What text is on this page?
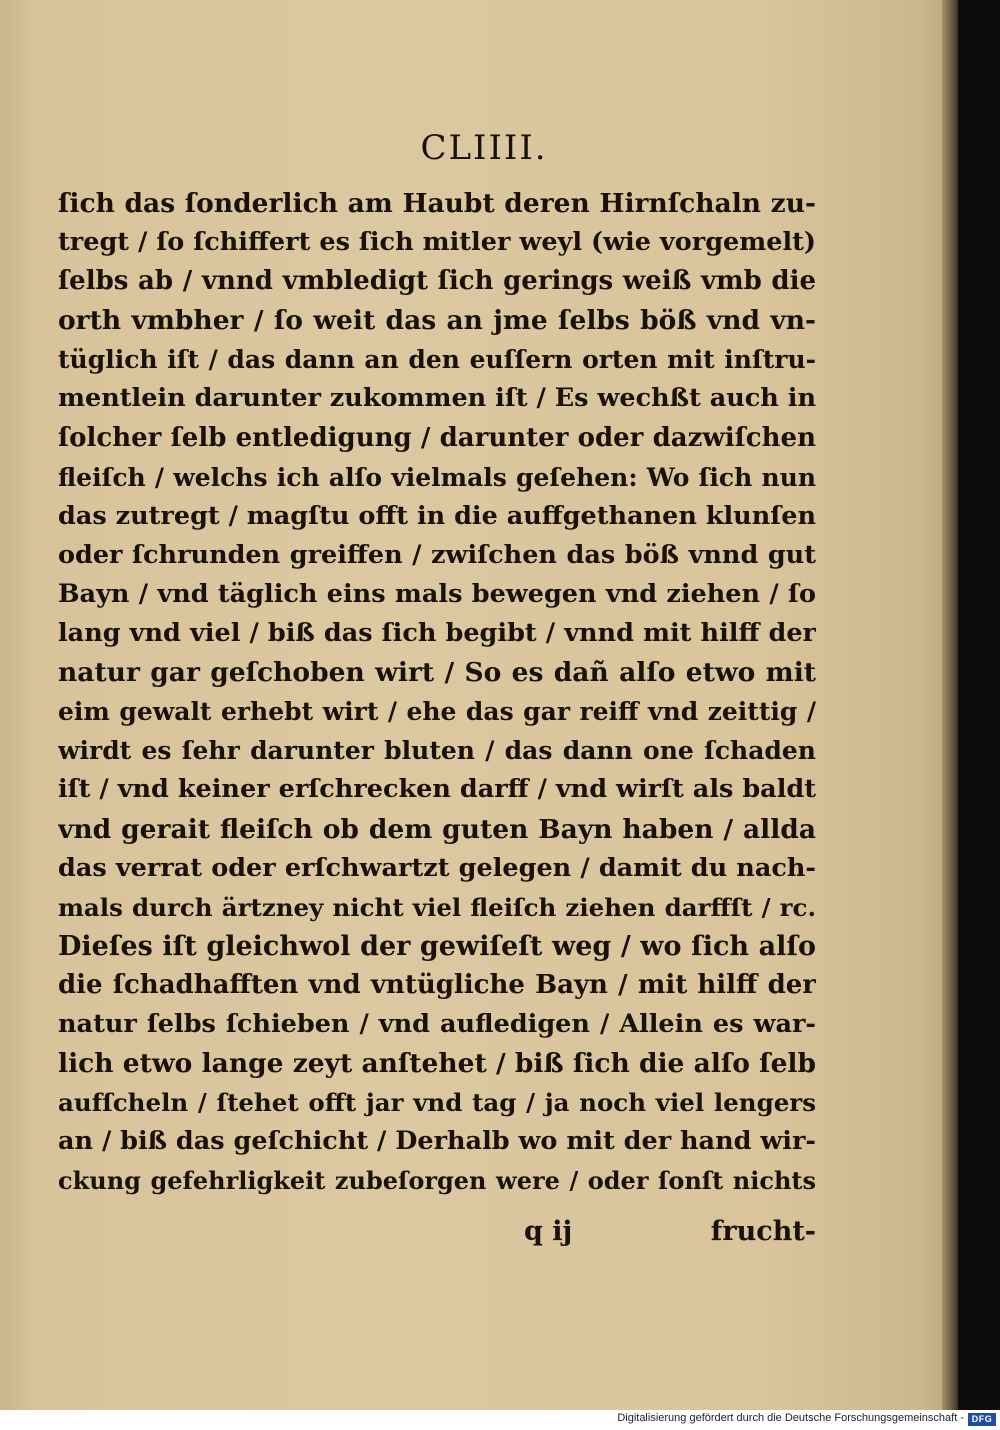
CLIIII.
ſich das ſonderlich am Haubt deren Hirnſchaln zu-
tregt / ſo ſchiffert es ſich mitler weyl (wie vorgemelt)
ſelbs ab / vnnd vmbledigt ſich gerings weiß vmb die
orth vmbher / ſo weit das an jme ſelbs böß vnd vn-
tüglich iſt / das dann an den euſſern orten mit inſtru-
mentlein darunter zukommen iſt / Es wechßt auch in
ſolcher ſelb entledigung / darunter oder dazwiſchen
fleiſch / welchs ich alſo vielmals geſehen: Wo ſich nun
das zutregt / magſtu offt in die auffgethanen klunſen
oder ſchrunden greiffen / zwiſchen das böß vnnd gut
Bayn / vnd täglich eins mals bewegen vnd ziehen / ſo
lang vnd viel / biß das ſich begibt / vnnd mit hilff der
natur gar geſchoben wirt / So es dañ alſo etwo mit
eim gewalt erhebt wirt / ehe das gar reiff vnd zeittig /
wirdt es ſehr darunter bluten / das dann one ſchaden
iſt / vnd keiner erſchrecken darff / vnd wirſt als baldt
vnd gerait fleiſch ob dem guten Bayn haben / allda
das verrat oder erſchwartzt gelegen / damit du nach-
mals durch ärtzney nicht viel fleiſch ziehen darffſt / rc.
Dieſes iſt gleichwol der gewiſeſt weg / wo ſich alſo
die ſchadhafften vnd vntügliche Bayn / mit hilff der
natur ſelbs ſchieben / vnd aufledigen / Allein es war-
lich etwo lange zeyt anſtehet / biß ſich die alſo ſelb
aufſcheln / ſtehet offt jar vnd tag / ja noch viel lengers
an / biß das geſchicht / Derhalb wo mit der hand wir-
ckung gefehrligkeit zubeſorgen were / oder ſonſt nichts
q ij	frucht-
Digitalisierung gefördert durch die Deutsche Forschungsgemeinschaft - DFG
